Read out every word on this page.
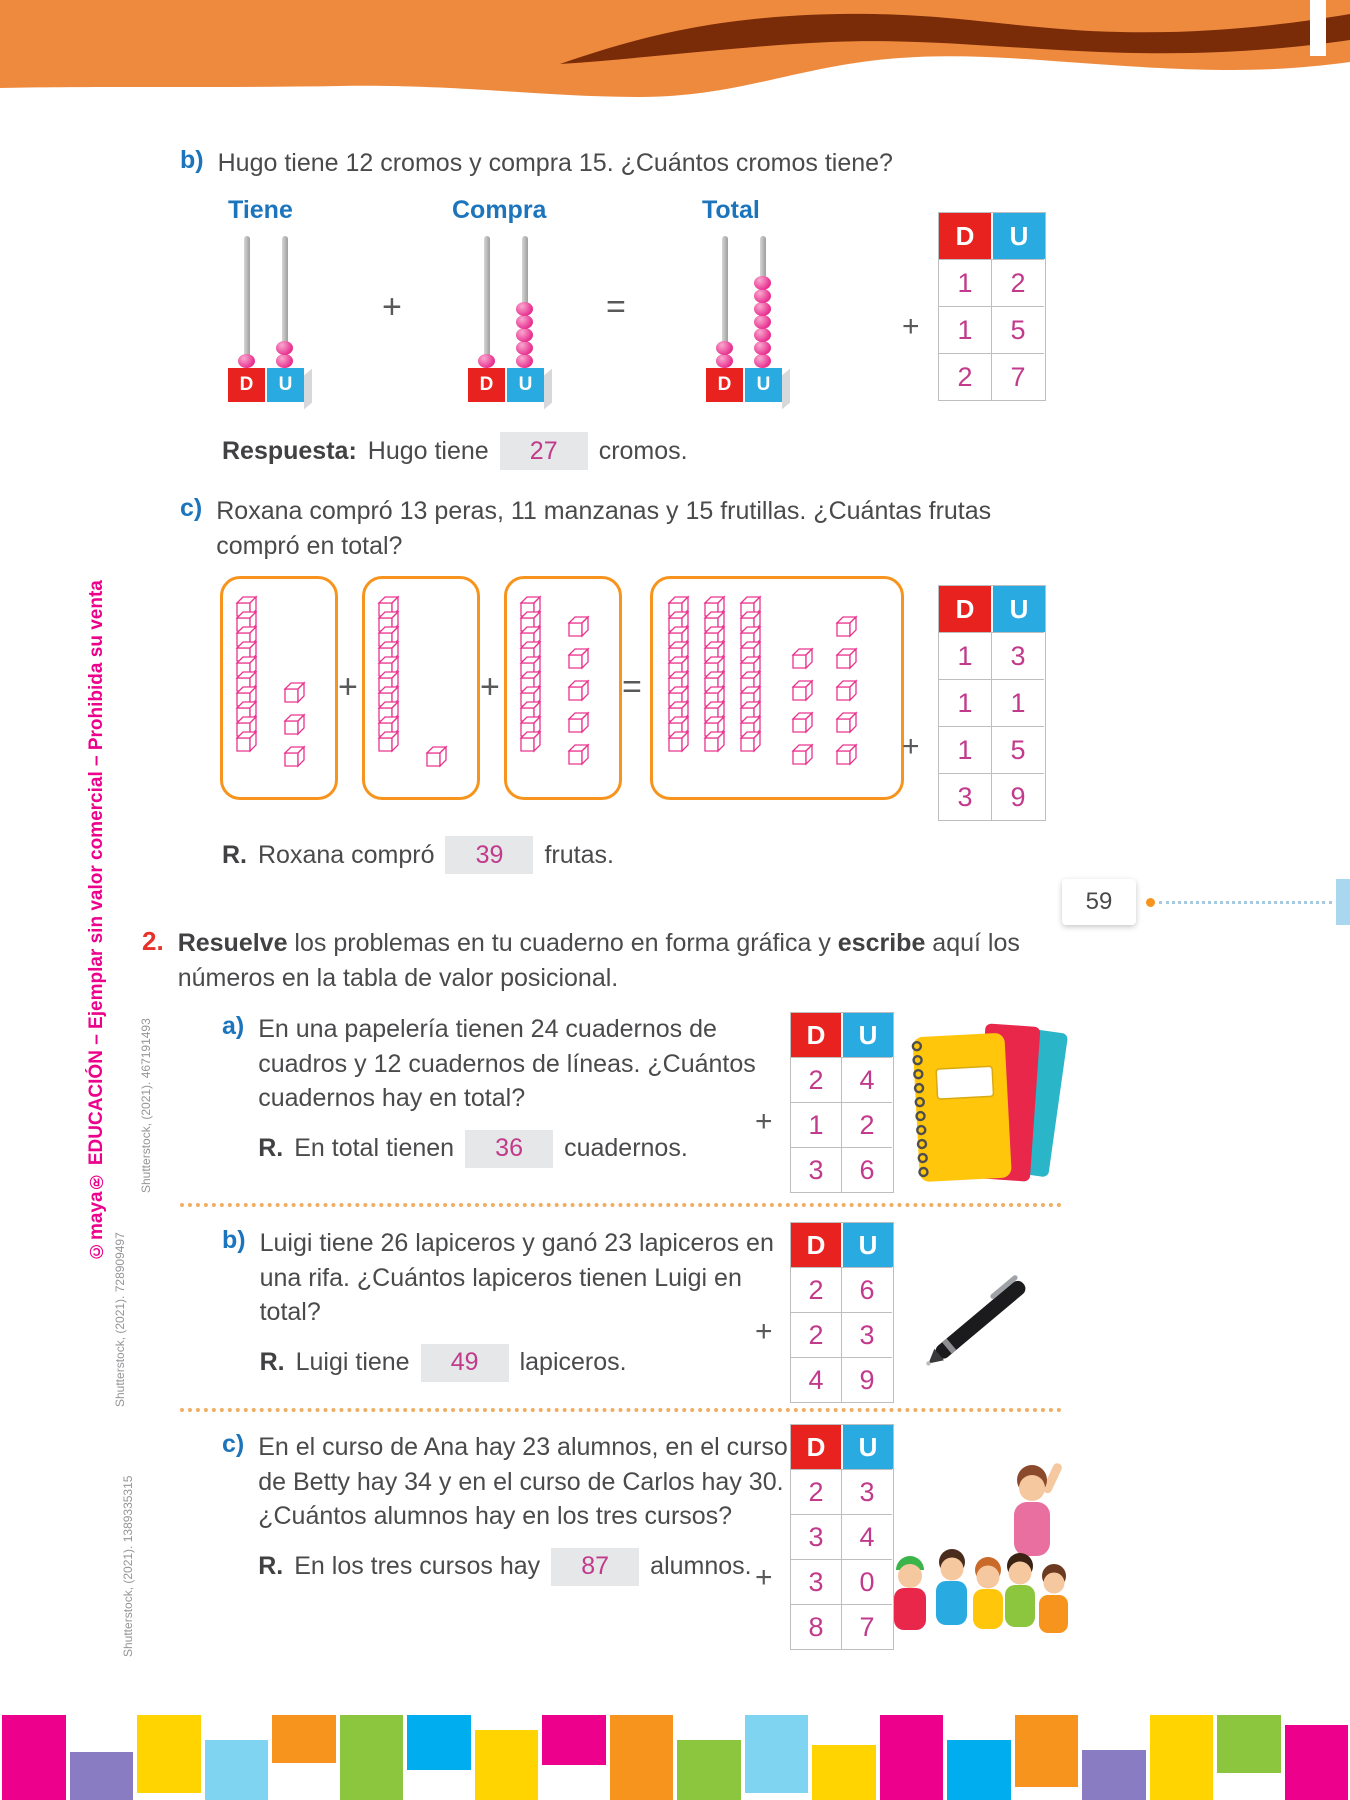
©maya® EDUCACIÓN – Ejemplar sin valor comercial – Prohibida su venta	Shutterstock, (2021). 467191493
Shutterstock, (2021). 728909497
Shutterstock, (2021). 1389335315
b) Hugo tiene 12 cromos y compra 15. ¿Cuántos cromos tiene?

Tiene	Compra	Total
D	U
+
D	U
=
D	U
D	U
1	2
1	5
2	7
+
Respuesta: Hugo tiene	27	cromos.
c) Roxana compró 13 peras, 11 manzanas y 15 frutillas. ¿Cuántas frutas compró en total?

+	+	=
D	U
1	3
1	1
1	5
3	9
+
R. Roxana compró	39	frutas.
59
2. Resuelve los problemas en tu cuaderno en forma gráfica y escribe aquí los números en la tabla de valor posicional.

a) En una papelería tienen 24 cuadernos de cuadros y 12 cuadernos de líneas. ¿Cuántos cuadernos hay en total?

R. En total tienen	36	cuadernos.
D	U
2	4
1	2
3	6
+
b) Luigi tiene 26 lapiceros y ganó 23 lapiceros en una rifa. ¿Cuántos lapiceros tienen Luigi en total?

R. Luigi tiene	49	lapiceros.
D	U
2	6
2	3
4	9
+
c) En el curso de Ana hay 23 alumnos, en el curso de Betty hay 34 y en el curso de Carlos hay 30. ¿Cuántos alumnos hay en los tres cursos?

R. En los tres cursos hay	87	alumnos.
D	U
2	3
3	4
3	0
8	7
+
